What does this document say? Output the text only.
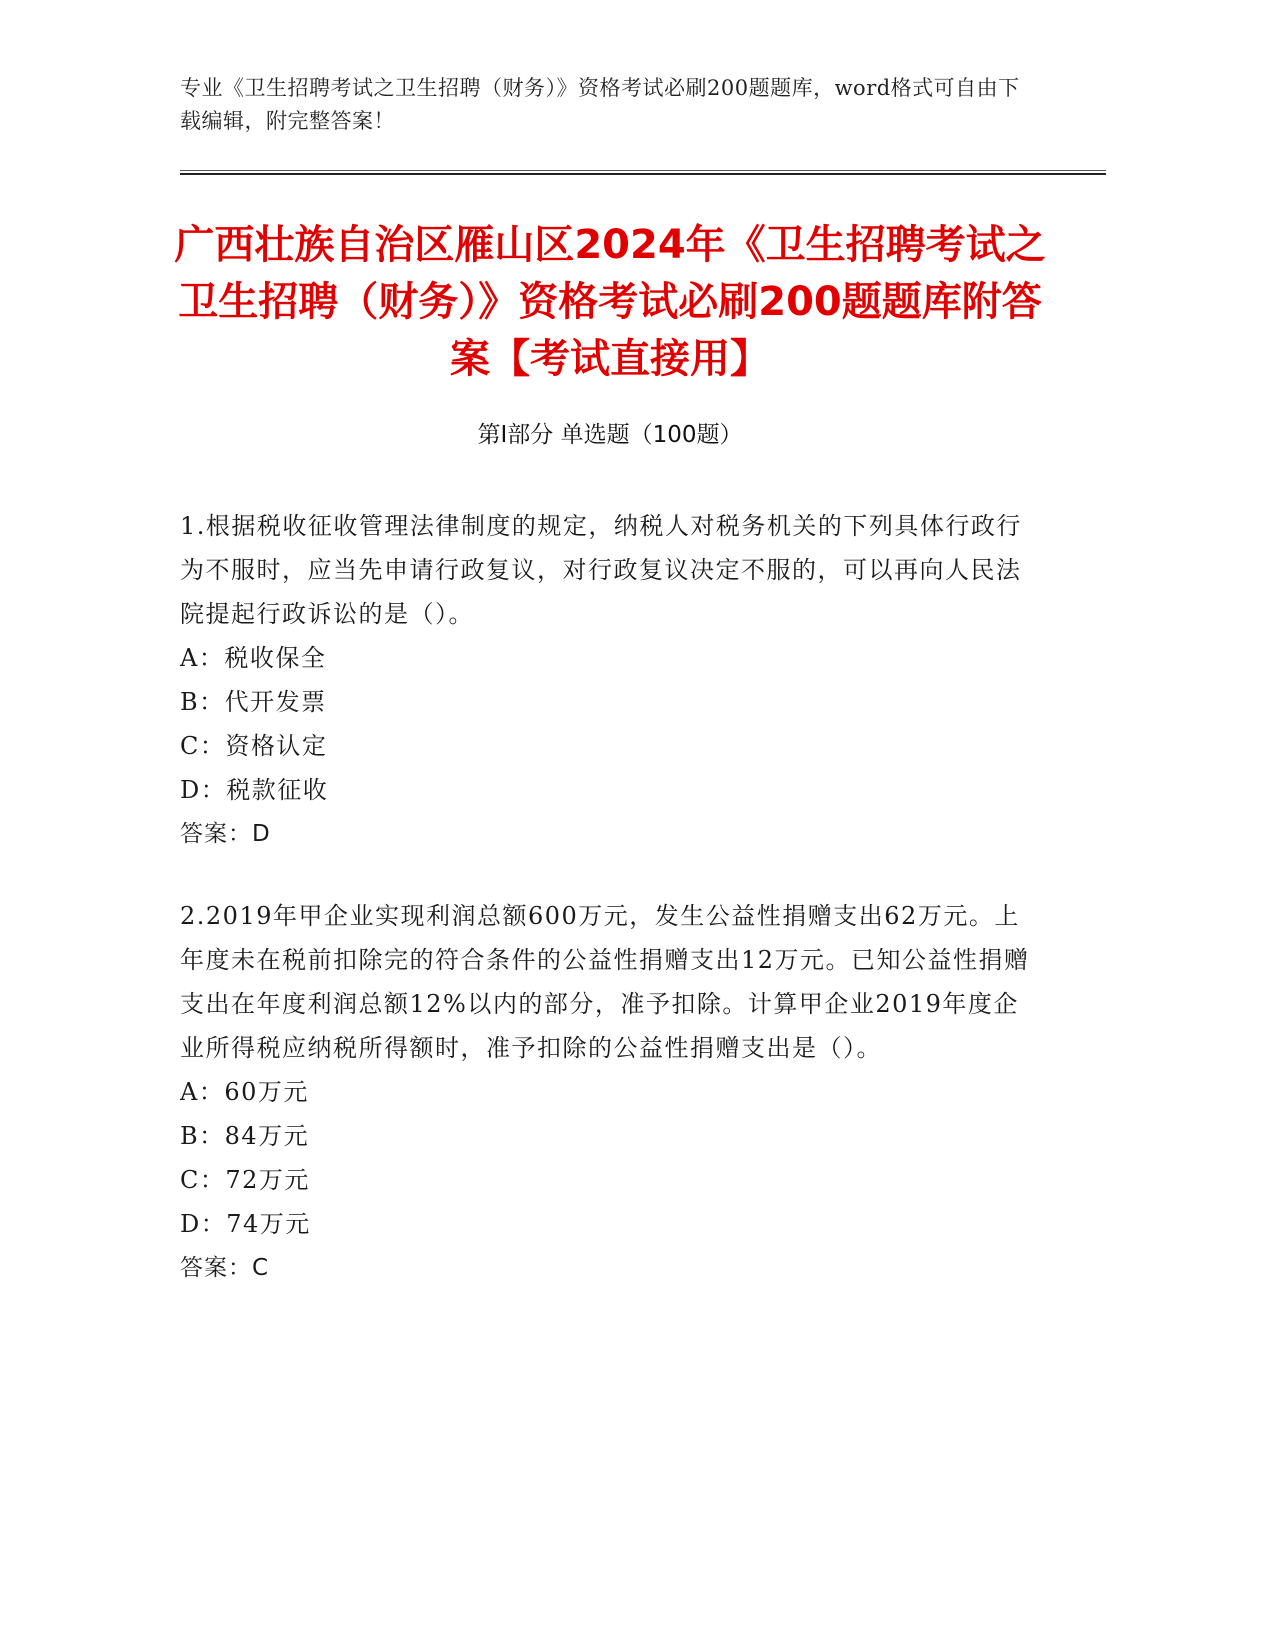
专业《卫生招聘考试之卫生招聘（财务）》资格考试必刷200题题库，word格式可自由下载编辑，附完整答案！
广西壮族自治区雁山区2024年《卫生招聘考试之卫生招聘（财务）》资格考试必刷200题题库附答案【考试直接用】
第Ⅰ部分 单选题（100题）

1.根据税收征收管理法律制度的规定，纳税人对税务机关的下列具体行政行为不服时，应当先申请行政复议，对行政复议决定不服的，可以再向人民法院提起行政诉讼的是（）。

A：税收保全

B：代开发票

C：资格认定

D：税款征收

答案：D

2.2019年甲企业实现利润总额600万元，发生公益性捐赠支出62万元。上年度未在税前扣除完的符合条件的公益性捐赠支出12万元。已知公益性捐赠支出在年度利润总额12%以内的部分，准予扣除。计算甲企业2019年度企业所得税应纳税所得额时，准予扣除的公益性捐赠支出是（）。

A：60万元

B：84万元

C：72万元

D：74万元

答案：C
